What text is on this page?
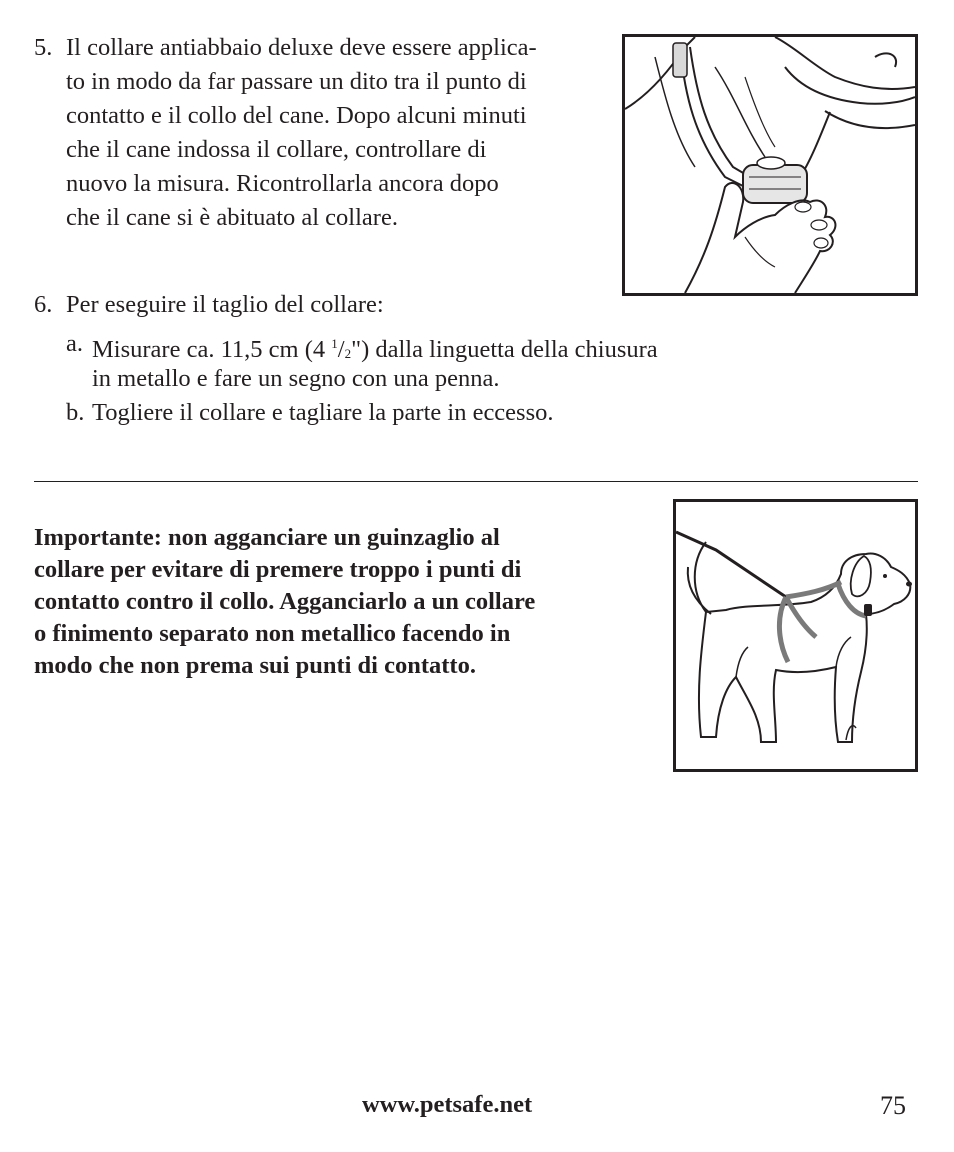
5. Il collare antiabbaio deluxe deve essere applica-
to in modo da far passare un dito tra il punto di
contatto e il collo del cane. Dopo alcuni minuti
che il cane indossa il collare, controllare di
nuovo la misura. Ricontrollarla ancora dopo
che il cane si è abituato al collare.
6. Per eseguire il taglio del collare:
a. Misurare ca. 11,5 cm (4 $^1$/2") dalla linguetta della chiusura
in metallo e fare un segno con una penna.
b. Togliere il collare e tagliare la parte in eccesso.
Importante: non agganciare un guinzaglio al
collare per evitare di premere troppo i punti di
contatto contro il collo. Agganciarlo a un collare
o finimento separato non metallico facendo in
modo che non prema sui punti di contatto.
www.petsafe.net	75
